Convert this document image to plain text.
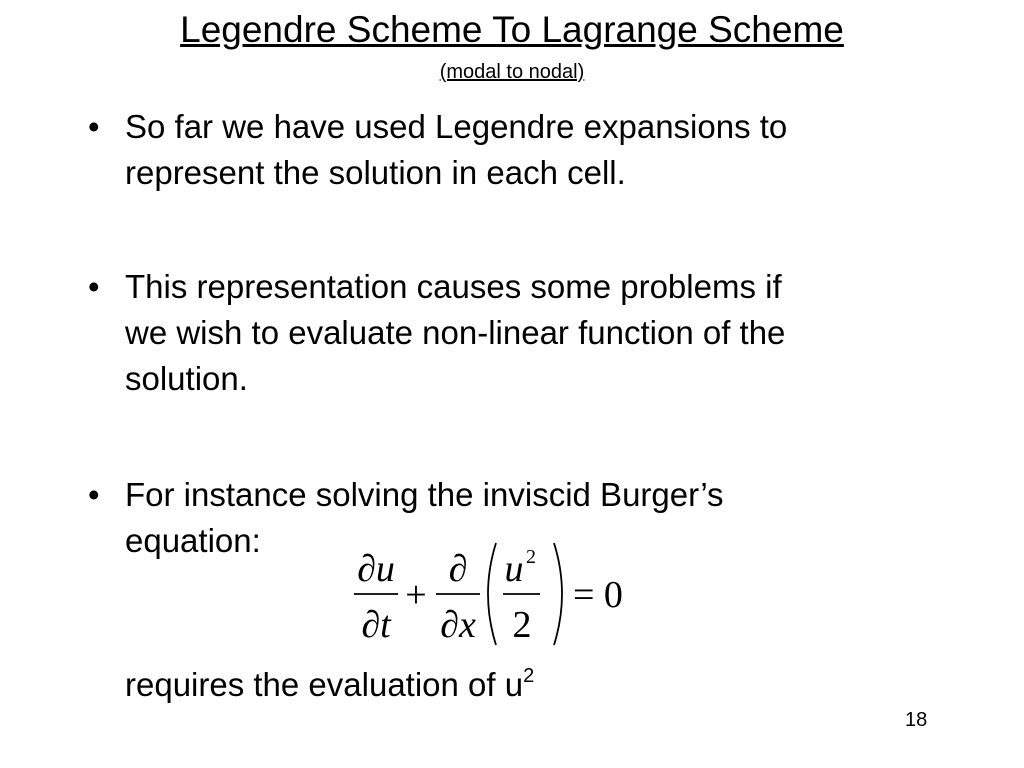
Legendre Scheme To Lagrange Scheme
(modal to nodal)
• So far we have used Legendre expansions to
represent the solution in each cell.
• This representation causes some problems if
we wish to evaluate non-linear function of the
solution.
• For instance solving the inviscid Burger’s
equation:
∂u
∂t
+
∂
∂x
u 2
2
= 0
requires the evaluation of $u^2$
18
